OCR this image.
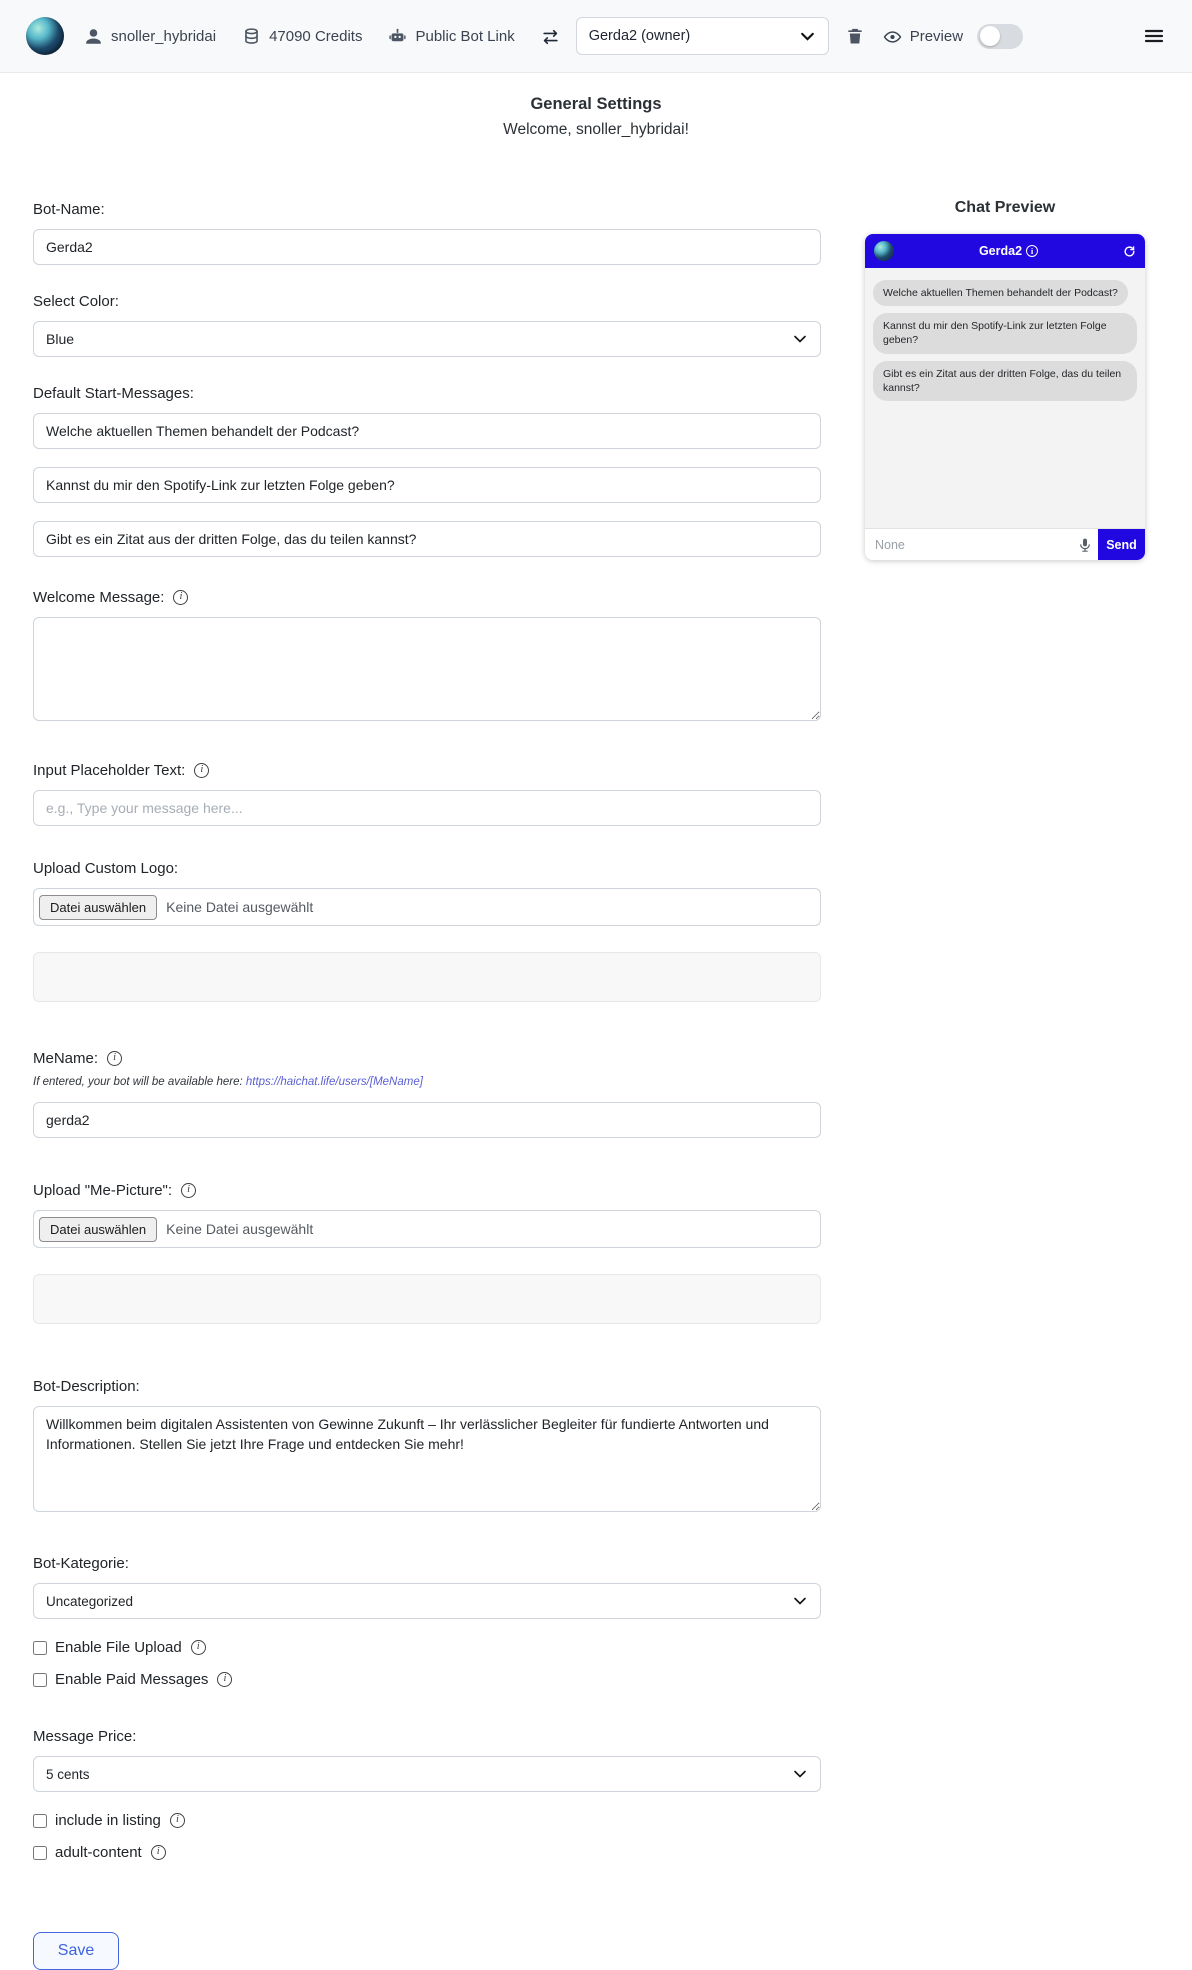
snoller_hybridai	47090 Credits	Public Bot Link	Gerda2 (owner)	Preview
General Settings

Welcome, snoller_hybridai!

Bot-Name:
Gerda2
Select Color:
Blue
Default Start-Messages:
Welche aktuellen Themen behandelt der Podcast? Kannst du mir den Spotify-Link zur letzten Folge geben? Gibt es ein Zitat aus der dritten Folge, das du teilen kannst?
Welcome Message:
i
Input Placeholder Text:
i
e.g., Type your message here...
Upload Custom Logo:
Datei auswählen	Keine Datei ausgewählt
MeName:
i
If entered, your bot will be available here: https://haichat.life/users/[MeName]
gerda2
Upload "Me-Picture":
i
Datei auswählen	Keine Datei ausgewählt
Bot-Description:
Willkommen beim digitalen Assistenten von Gewinne Zukunft – Ihr verlässlicher Begleiter für fundierte Antworten und Informationen. Stellen Sie jetzt Ihre Frage und entdecken Sie mehr!
Bot-Kategorie:
Uncategorized
Enable File Upload
i
Enable Paid Messages
i
Message Price:
5 cents
include in listing
i
adult-content
i
Save
Chat Preview
Gerda2
i
Welche aktuellen Themen behandelt der Podcast?
Kannst du mir den Spotify-Link zur letzten Folge geben?
Gibt es ein Zitat aus der dritten Folge, das du teilen kannst?
None
Send
